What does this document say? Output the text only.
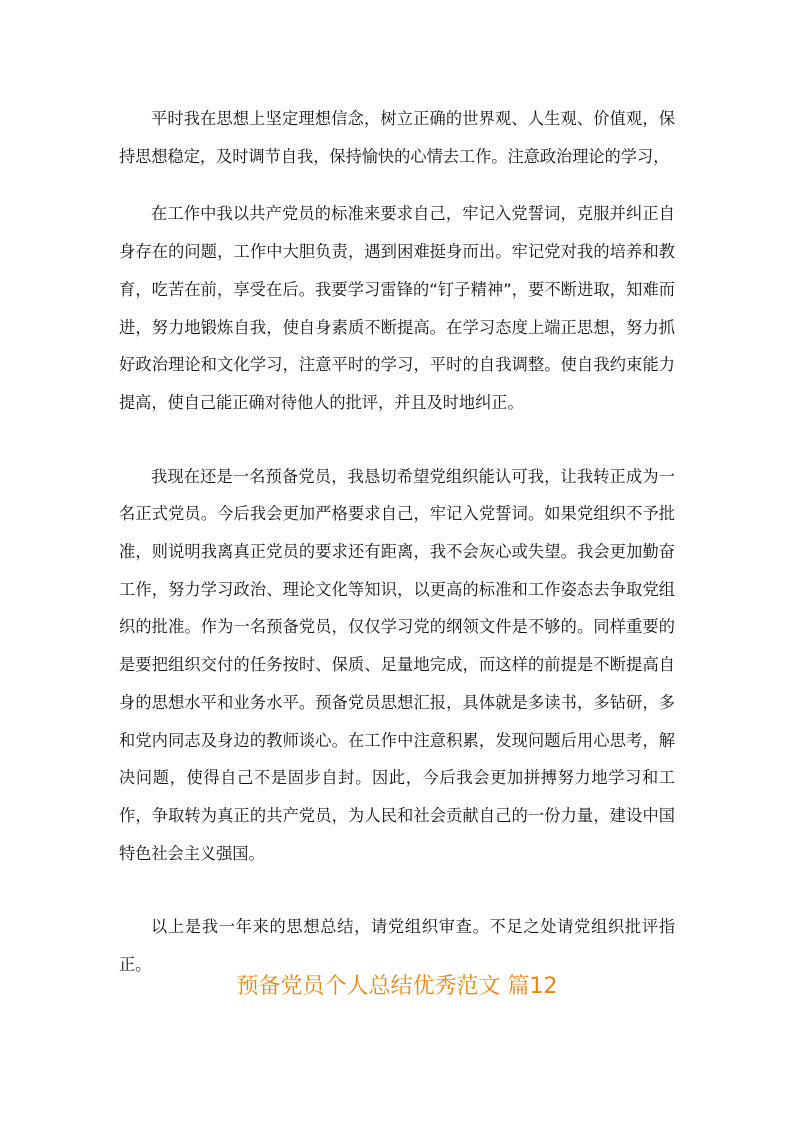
平时我在思想上坚定理想信念，树立正确的世界观、人生观、价值观，保持思想稳定，及时调节自我，保持愉快的心情去工作。注意政治理论的学习，

在工作中我以共产党员的标准来要求自己，牢记入党誓词，克服并纠正自身存在的问题，工作中大胆负责，遇到困难挺身而出。牢记党对我的培养和教育，吃苦在前，享受在后。我要学习雷锋的“钉子精神”，要不断进取，知难而进，努力地锻炼自我，使自身素质不断提高。在学习态度上端正思想，努力抓好政治理论和文化学习，注意平时的学习，平时的自我调整。使自我约束能力提高，使自己能正确对待他人的批评，并且及时地纠正。

我现在还是一名预备党员，我恳切希望党组织能认可我，让我转正成为一名正式党员。今后我会更加严格要求自己，牢记入党誓词。如果党组织不予批准，则说明我离真正党员的要求还有距离，我不会灰心或失望。我会更加勤奋工作，努力学习政治、理论文化等知识，以更高的标准和工作姿态去争取党组织的批准。作为一名预备党员，仅仅学习党的纲领文件是不够的。同样重要的是要把组织交付的任务按时、保质、足量地完成，而这样的前提是不断提高自身的思想水平和业务水平。预备党员思想汇报，具体就是多读书，多钻研，多和党内同志及身边的教师谈心。在工作中注意积累，发现问题后用心思考，解决问题，使得自己不是固步自封。因此，今后我会更加拼搏努力地学习和工作，争取转为真正的共产党员，为人民和社会贡献自己的一份力量，建设中国特色社会主义强国。

以上是我一年来的思想总结，请党组织审查。不足之处请党组织批评指正。

预备党员个人总结优秀范文 篇12
